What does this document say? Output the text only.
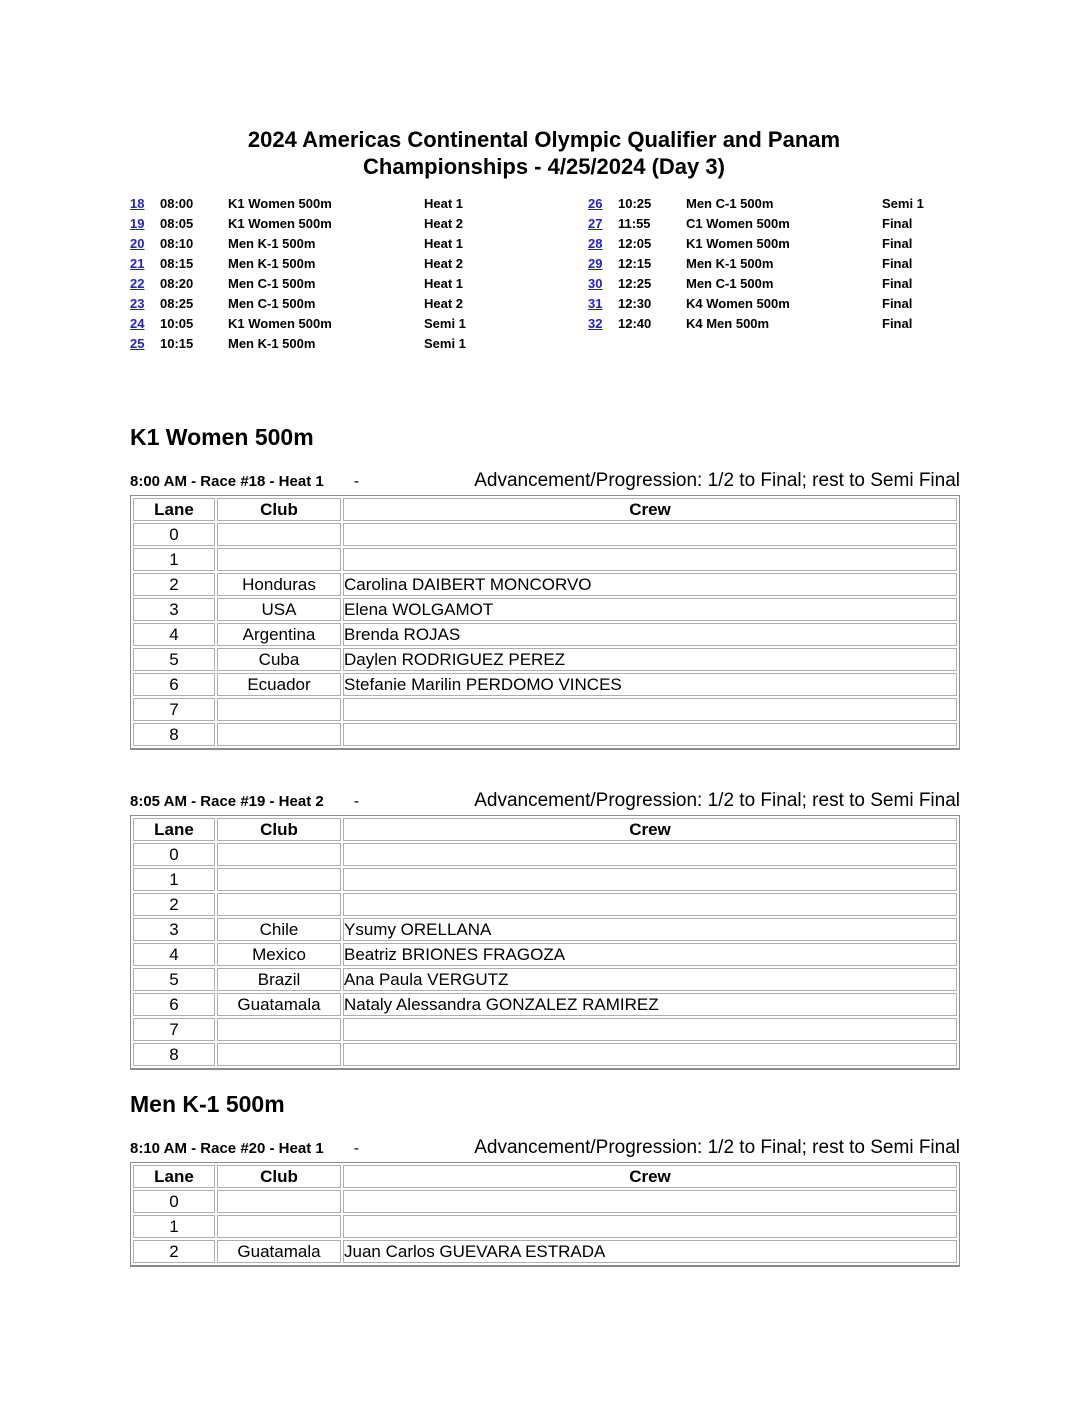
2024 Americas Continental Olympic Qualifier and Panam
Championships - 4/25/2024 (Day 3)
18	08:00	K1 Women 500m	Heat 1
19	08:05	K1 Women 500m	Heat 2
20	08:10	Men K-1 500m	Heat 1
21	08:15	Men K-1 500m	Heat 2
22	08:20	Men C-1 500m	Heat 1
23	08:25	Men C-1 500m	Heat 2
24	10:05	K1 Women 500m	Semi 1
25	10:15	Men K-1 500m	Semi 1
26	10:25	Men C-1 500m	Semi 1
27	11:55	C1 Women 500m	Final
28	12:05	K1 Women 500m	Final
29	12:15	Men K-1 500m	Final
30	12:25	Men C-1 500m	Final
31	12:30	K4 Women 500m	Final
32	12:40	K4 Men 500m	Final
K1 Women 500m
8:00 AM - Race #18 - Heat 1 -	Advancement/Progression: 1/2 to Final; rest to Semi Final
Lane	Club	Crew
0		
1		
2	Honduras	Carolina DAIBERT MONCORVO
3	USA	Elena WOLGAMOT
4	Argentina	Brenda ROJAS
5	Cuba	Daylen RODRIGUEZ PEREZ
6	Ecuador	Stefanie Marilin PERDOMO VINCES
7		
8		
8:05 AM - Race #19 - Heat 2 -	Advancement/Progression: 1/2 to Final; rest to Semi Final
Lane	Club	Crew
0		
1		
2		
3	Chile	Ysumy ORELLANA
4	Mexico	Beatriz BRIONES FRAGOZA
5	Brazil	Ana Paula VERGUTZ
6	Guatamala	Nataly Alessandra GONZALEZ RAMIREZ
7		
8		
Men K-1 500m
8:10 AM - Race #20 - Heat 1 -	Advancement/Progression: 1/2 to Final; rest to Semi Final
Lane	Club	Crew
0		
1		
2	Guatamala	Juan Carlos GUEVARA ESTRADA
